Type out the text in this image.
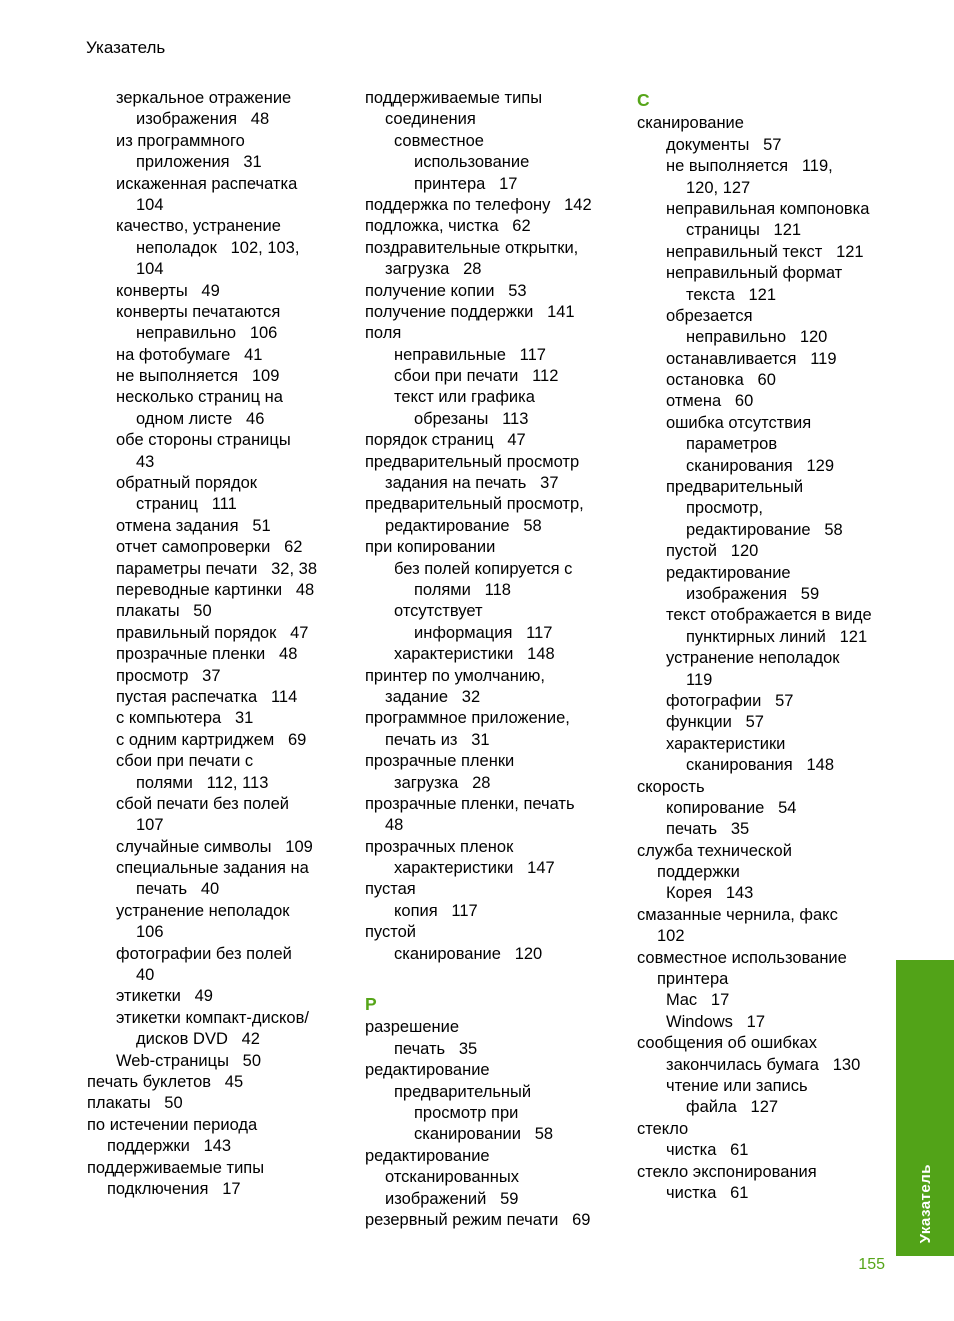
Указатель
зеркальное отражение
изображения   48
из программного
приложения   31
искаженная распечатка
104
качество, устранение
неполадок   102, 103,
104
конверты   49
конверты печатаются
неправильно   106
на фотобумаге   41
не выполняется   109
несколько страниц на
одном листе   46
обе стороны страницы
43
обратный порядок
страниц   111
отмена задания   51
отчет самопроверки   62
параметры печати   32, 38
переводные картинки   48
плакаты   50
правильный порядок   47
прозрачные пленки   48
просмотр   37
пустая распечатка   114
с компьютера   31
с одним картриджем   69
сбои при печати с
полями   112, 113
сбой печати без полей
107
случайные символы   109
специальные задания на
печать   40
устранение неполадок
106
фотографии без полей
40
этикетки   49
этикетки компакт-дисков/
дисков DVD   42
Web-страницы   50
печать буклетов   45
плакаты   50
по истечении периода
поддержки   143
поддерживаемые типы
подключения   17
поддерживаемые типы
соединения
совместное
использование
принтера   17
поддержка по телефону   142
подложка, чистка   62
поздравительные открытки,
загрузка   28
получение копии   53
получение поддержки   141
поля
неправильные   117
сбои при печати   112
текст или графика
обрезаны   113
порядок страниц   47
предварительный просмотр
задания на печать   37
предварительный просмотр,
редактирование   58
при копировании
без полей копируется с
полями   118
отсутствует
информация   117
характеристики   148
принтер по умолчанию,
задание   32
программное приложение,
печать из   31
прозрачные пленки
загрузка   28
прозрачные пленки, печать
48
прозрачных пленок
характеристики   147
пустая
копия   117
пустой
сканирование   120
Р
разрешение
печать   35
редактирование
предварительный
просмотр при
сканировании   58
редактирование
отсканированных
изображений   59
резервный режим печати   69
С
сканирование
документы   57
не выполняется   119,
120, 127
неправильная компоновка
страницы   121
неправильный текст   121
неправильный формат
текста   121
обрезается
неправильно   120
останавливается   119
остановка   60
отмена   60
ошибка отсутствия
параметров
сканирования   129
предварительный
просмотр,
редактирование   58
пустой   120
редактирование
изображения   59
текст отображается в виде
пунктирных линий   121
устранение неполадок
119
фотографии   57
функции   57
характеристики
сканирования   148
скорость
копирование   54
печать   35
служба технической
поддержки
Корея   143
смазанные чернила, факс
102
совместное использование
принтера
Mac   17
Windows   17
сообщения об ошибках
закончилась бумага   130
чтение или запись
файла   127
стекло
чистка   61
стекло экспонирования
чистка   61	Указатель
155
